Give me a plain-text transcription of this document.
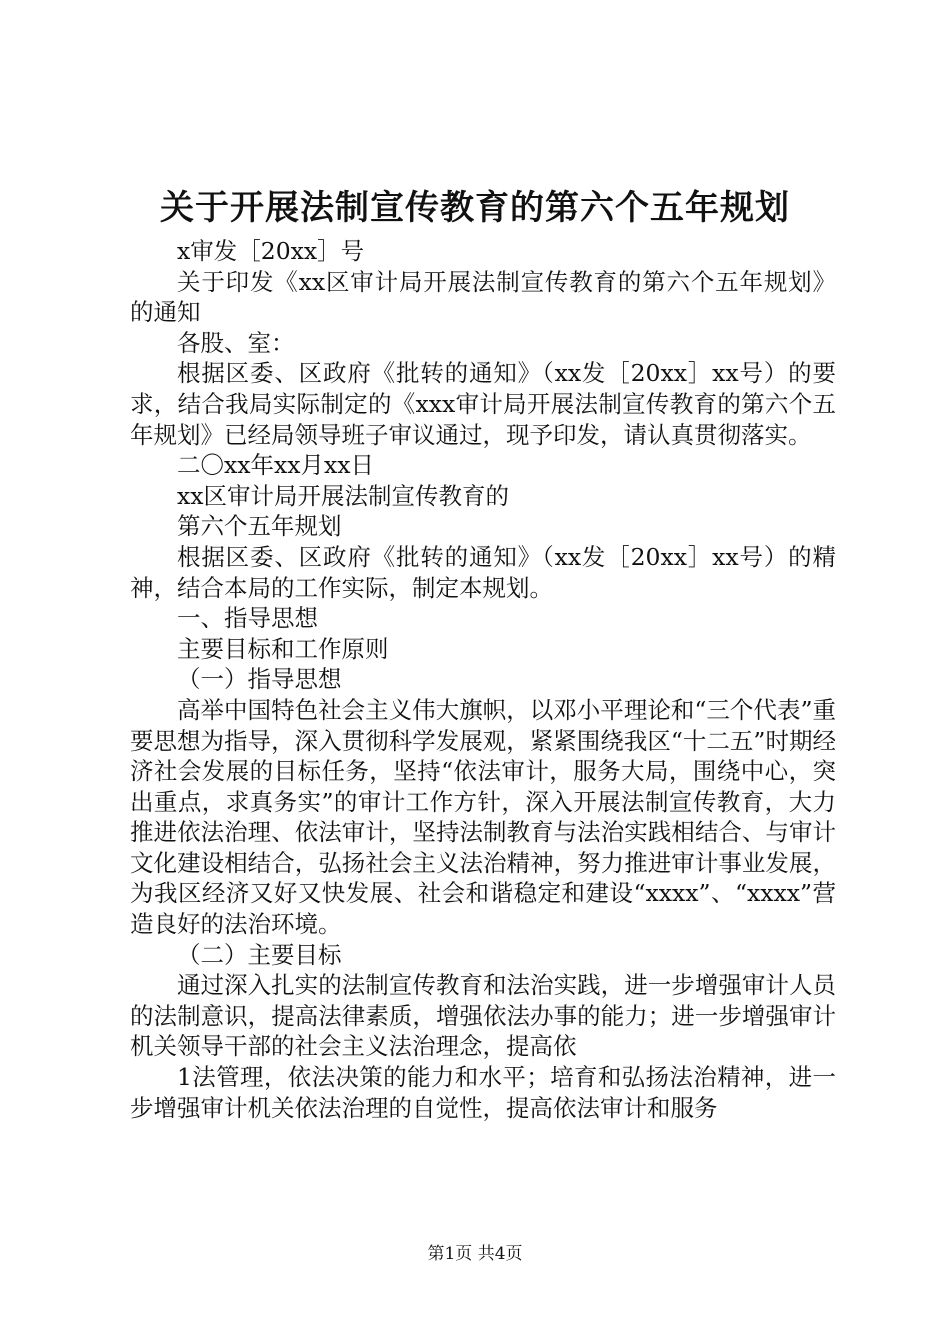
关于开展法制宣传教育的第六个五年规划

x审发［20xx］号

关于印发《xx区审计局开展法制宣传教育的第六个五年规划》的通知

各股、室：

根据区委、区政府《批转的通知》（xx发［20xx］xx号）的要求，结合我局实际制定的《xxx审计局开展法制宣传教育的第六个五年规划》已经局领导班子审议通过，现予印发，请认真贯彻落实。

二〇xx年xx月xx日

xx区审计局开展法制宣传教育的

第六个五年规划

根据区委、区政府《批转的通知》（xx发［20xx］xx号）的精神，结合本局的工作实际，制定本规划。

一、指导思想

主要目标和工作原则

（一）指导思想

高举中国特色社会主义伟大旗帜，以邓小平理论和“三个代表”重要思想为指导，深入贯彻科学发展观，紧紧围绕我区“十二五”时期经济社会发展的目标任务，坚持“依法审计，服务大局，围绕中心，突出重点，求真务实”的审计工作方针，深入开展法制宣传教育，大力推进依法治理、依法审计，坚持法制教育与法治实践相结合、与审计文化建设相结合，弘扬社会主义法治精神，努力推进审计事业发展，为我区经济又好又快发展、社会和谐稳定和建设“xxxx”、“xxxx”营造良好的法治环境。

（二）主要目标

通过深入扎实的法制宣传教育和法治实践，进一步增强审计人员的法制意识，提高法律素质，增强依法办事的能力；进一步增强审计机关领导干部的社会主义法治理念，提高依

1法管理，依法决策的能力和水平；培育和弘扬法治精神，进一步增强审计机关依法治理的自觉性，提高依法审计和服务

第1页 共4页
